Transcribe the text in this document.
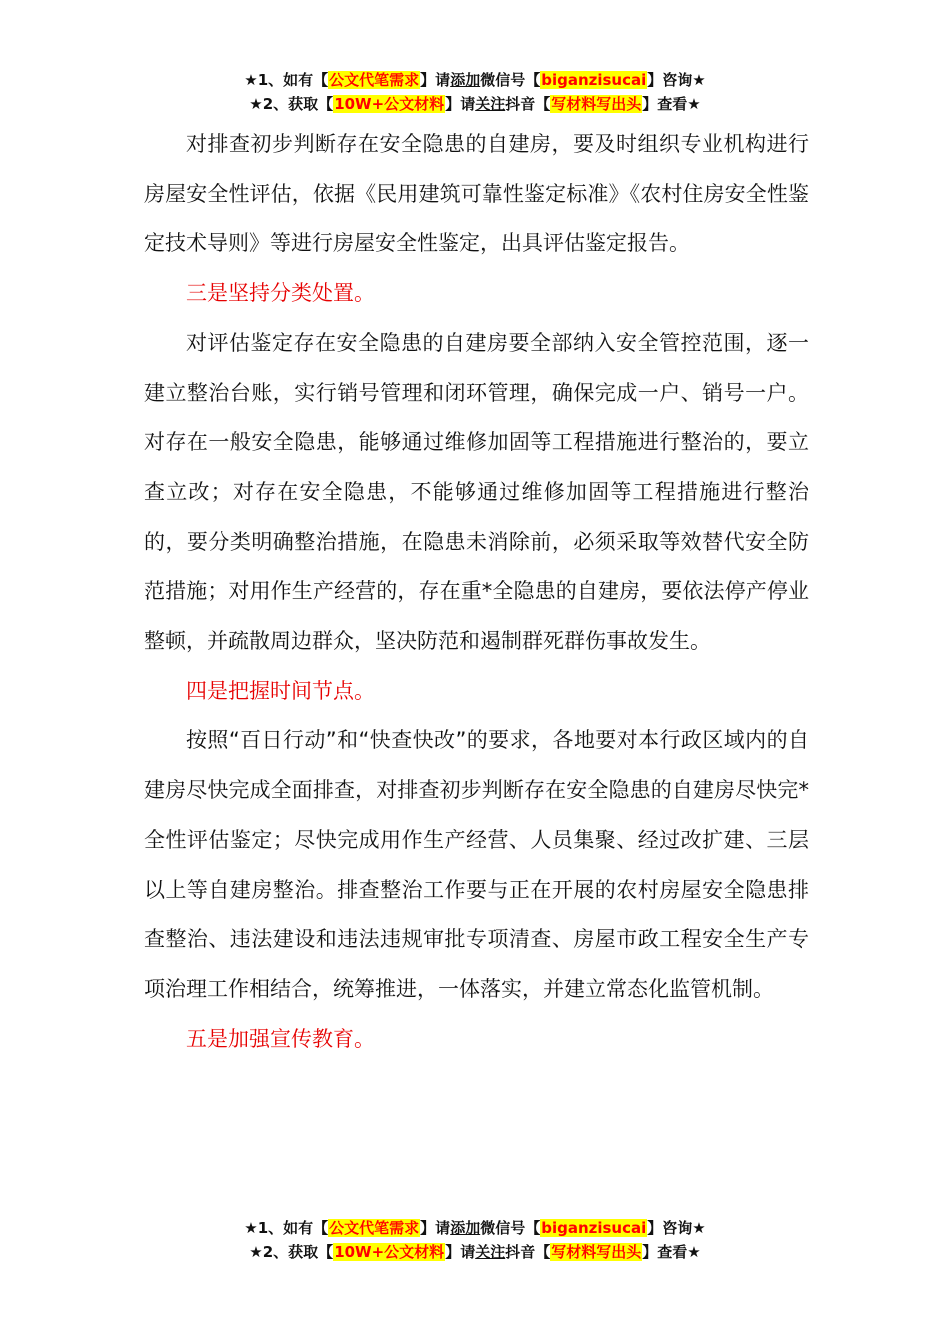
★1、如有【公文代笔需求】请添加微信号【biganzisucai】咨询★
★2、获取【10W+公文材料】请关注抖音【写材料写出头】查看★

对排查初步判断存在安全隐患的自建房，要及时组织专业机构进行房屋安全性评估，依据《民用建筑可靠性鉴定标准》《农村住房安全性鉴定技术导则》等进行房屋安全性鉴定，出具评估鉴定报告。

三是坚持分类处置。

对评估鉴定存在安全隐患的自建房要全部纳入安全管控范围，逐一建立整治台账，实行销号管理和闭环管理，确保完成一户、销号一户。对存在一般安全隐患，能够通过维修加固等工程措施进行整治的，要立查立改；对存在安全隐患，不能够通过维修加固等工程措施进行整治的，要分类明确整治措施，在隐患未消除前，必须采取等效替代安全防范措施；对用作生产经营的，存在重*全隐患的自建房，要依法停产停业整顿，并疏散周边群众，坚决防范和遏制群死群伤事故发生。

四是把握时间节点。

按照“百日行动”和“快查快改”的要求，各地要对本行政区域内的自建房尽快完成全面排查，对排查初步判断存在安全隐患的自建房尽快完*全性评估鉴定；尽快完成用作生产经营、人员集聚、经过改扩建、三层以上等自建房整治。排查整治工作要与正在开展的农村房屋安全隐患排查整治、违法建设和违法违规审批专项清查、房屋市政工程安全生产专项治理工作相结合，统筹推进，一体落实，并建立常态化监管机制。

五是加强宣传教育。

★1、如有【公文代笔需求】请添加微信号【biganzisucai】咨询★
★2、获取【10W+公文材料】请关注抖音【写材料写出头】查看★
